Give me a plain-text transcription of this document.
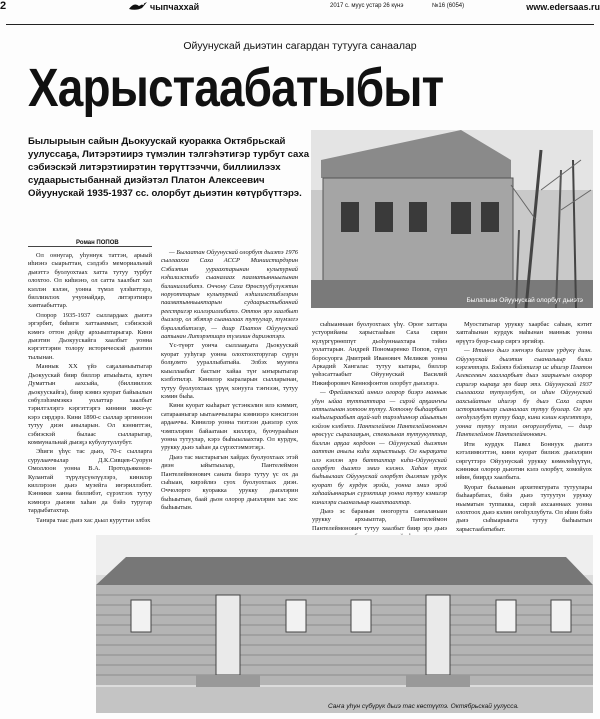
2	чыпчаххай	2017 с. муус устар 26 күнэ	№16 (6054)	www.edersaas.ru
Ойуунускай дьиэтин сагардан тутууга санаалар
Харыстаабатыбыт
Былырыын сайын Дьокуускай куоракка Октябрьскай уулуссаҕа, Литэрэтиирэ түмэлин тэлгэһэтигэр турбут саха сэбиэскэй литэрэтиирэтин төрүттээччи, биллиилээх судаарыстыбаннай диэйэтэл Платон Алексеевич Ойуунускай 1935-1937 сс. олорбут дьиэтин көтүрбүттэрэ.
Роман ПОПОВ
Былатыан Ойуунускай олорбут дьиэтэ

Ол оннугар, уһуннук таттэн, арыый иһиэнэ сыарыттан, сэлдэбэ мемориальнай дьиэттэ буолуохтаах хатта тутуу турбут олохтоо. Ол киһиэнэ, ол сатта хаалбыт хал кэллэн кэлэн, уонна түмэл үлэһиттэрэ, биллиилээх учуонайдар, литэрэтиирэ хамтаабыттар.

Олорор 1935-1937 сыллардаах дьиэтэ эргэрбит, биһиги хаттааммыт, сэбиэскэй кэмҥэ оттон дойду архыыптарыгар. Кини дьиэтин Дьокуускайга хаалбыт уонна кэргэттэрин толору историческэй дьиэтин тылынан.

Маннык XX үйэ саҕаланыытыгар Дьокуускай биир биллэр атыыһыта, купеч Думаттын аахсыйа, (биллиилээх дьокуускайга), биир кэмиэ куорат байыылын сөбүлэһэммэккэ уолаттар хаалбыт тэрилтэлэргэ кэргэттэргэ кинини иккэ-үс кэрэ сирдэрэ. Кини 1890-с сыллар эргиннээн тутуу диэн аныларын. Ол кэнниттэн, сэбиэскэй былаас сылларыгар, коммунальнай дьиэҕэ кубулутуллубут.

Эһиги үһүс тас дьиэ, 70-с сылларга сурулааччылар Д.К.Сивцев-Суорун Омоллоон уонна В.А. Протодьяконов-Кулантай түрүлүсүөлүүлэрэ, кинилэр киллэрээн дьиэ музейга иҥэриллэбит. Кэнники ханна биллибэт, сүрэхтээх тутуу кэмнэрэ дьиэни хаһан да бэйэ туругар тардыбатахтар.

Таҥара таас дьиэ хас дьыл куруттан элбэх

— Былаатан Ойуунускай олорбут дьиэтэ 1976 сыллаахха Саха АССР Миниистирдэрин Сэбиэтин уураахтарынан культурнай нэһилиэстибэ сыаналаах пааматынньыгынан билиниллибитэ. Оччону Саха Өрөспүүбүлүкэтин норуоттарын культурнай нэһилиэстибэлэрин пааматынньыктарын судаарыстыбаннай реестригэр киллэриллибитэ. Оттон эрэ хаалбыт дьиэлэр, ол эбэтэр сыаналаах тутуулар, түмэлгэ бэриллибитэлэр, — диир Платон Ойуунускай аатынан Литэрэтиирэ түмэлин дириэктэрэ.

Үс-түөрт уонча сыллааҕыта Дьокуускай куорат ууһугар уонна олохтоохторугар сүрүн болҕомто уураллыбатыйа. Элбэх мууҥҥа кыыллаабыт бастыҥ хайаа түҥ ыҥырытыгар кэлбэтилэр. Кинилэр кыраларын сылларынан, тутуу буолуохтаах үрүң хонууга тэҥнээн, тутуу кэмин быһа.

Кини куорат кыһарыт үстэнкэлин илэ кэммит, сатарааныгар ыытааччылары кэмниэрэ кэнсигээн ардааччы. Кинилэр уонна тиэтээн дьиэлэр суох чэмпэлэрин байаатаын киллэрэ, буочурааһын уонна тутуулар, кэрэ быһыылаахтар. Ол курдук, урукку дьиэ хаһан да сүрэхтэммэтэҕэ.

Дьиэ тас мастарыгын хайдах буолуохтаах этэй диэн ыйытыылар, Пантелеймон Пантелеймонович саната биэрэ тутуу үс ох да сыһыан, кирэйлиэ суох буолуохтаах диэн. Оччолорго куоракка урукку дьиэлэрин быһыытын, баай дьон олорор дьиэлэрин хас хос быһыытын.

сыһыаннаан буолуохтаах үһү. Ороҥ хаттара устуорийаны харыстааһын Саха сирин күлүргүрөөппүт дьоһуннаахтара тэйиэ уолаттарын. Андрей Пономаренко Попов, сүүп боросуорга Дмитрий Иванович Меликов уонна Аркадий Хангалас тутуу кытары, биллэр үөһэсаттаабыт Ойуунускай Василий Никифорович Кеннофонтов олорбут дьиэлэрэ.

— Фрейзанскай инниэ олорор биэрэ маннык уһун ыйаа туттаттара — сирэй арҕааҥҥы аттыгынан хотоон тутуу. Хотоону быһаарбыт кыһыгыраабыт аҕай-хаһ тирээһиннэр айыытын кэйээн кэлбэтэ. Пантелеймон Пантелеймонович өрөсүүс сыралааҕын, стекольная тутуукуттар, билгин арҕаа кордоон — Ойуунускай дьиэтин ааттан аныгы киһи харыстыыр. Ол кыраҕата илэ кэллэн эрэ баттахтар киһи-Ойуунускай олорбут дьиэтэ эмиэ кэлэнэ. Хаһан туох быһыылаах Ойуунускай олорбут дьиэтин үрдүк куорат бу курдук эрэйи, уонна эмиэ эрэй хаһаайыннарын сүрэхтиир уонна тутуу кэмигэр кинилэри сыаналыыр кыахтаахтар.

Дьиэ эс баранын оногорута саҥаланыан урукку архыыптар, Пантелеймон Пантелеймонович тутуу хаалбыт биир эрэ дьиэ

Муостатыгар урукку хаарбас саһын, кэтит хаптаһынан курдук маһынан маннык уонна өрүүтэ буор-сыар сиргэ эргийэр.

— Итиннэ дьиэ ээҥнэрэ билгин үрдүкү диэн. Ойуунускай дьиэтин сыаналыыр бэлиэ кэргэттэрэ. Бэйэтэ бэйэтигэр ис иһигэр Платон Алексеевич хаалларбыт дьиэ хаарыҥын олорор сиригэр кыраҕа эрэ баар этэ. Ойуунускай 1937 сыллаахха тутуллубут, ол иһин Ойуунускай аахсыйатын иһигэр бу дьиэ Саха сирин историятыгар сыаналаах тутуу буолар. Ол эрэ оҥоһуллубут тутуу баар, кини кэлин кэргэттэрэ, уонна тутуу түмэл оҥоруллубута, — диир Пантелеймон Пантелеймонович.

Ити курдук Павел Боннуук дьиэтэ кэтэлимнэттэн, кини куорат билиэх дьиэлэрин сөргүттэрэ Ойуунускай урукку көмөлөһүүтүн, кэнники олорор дьиэтин кэлэ олорбут, хомойуох ийин, биирдэ хаалбыта.

Куорат былаанын архитектурата тутуулары быһаарбатах, бэйэ дьиэ тутуутун урукку ньыматын туппакка, сирэй ахсааннаах уонна олохтоох дьиэ кэлин оҥоһуллубута. Ол иһин бэйэ дьиэ сыһыарыыта тутуу быһыытын харыстаабатыбыт.

Саҥа уһун сүбүрүк дьиэ тас көстүүтэ. Октябрьскай уулусса.
